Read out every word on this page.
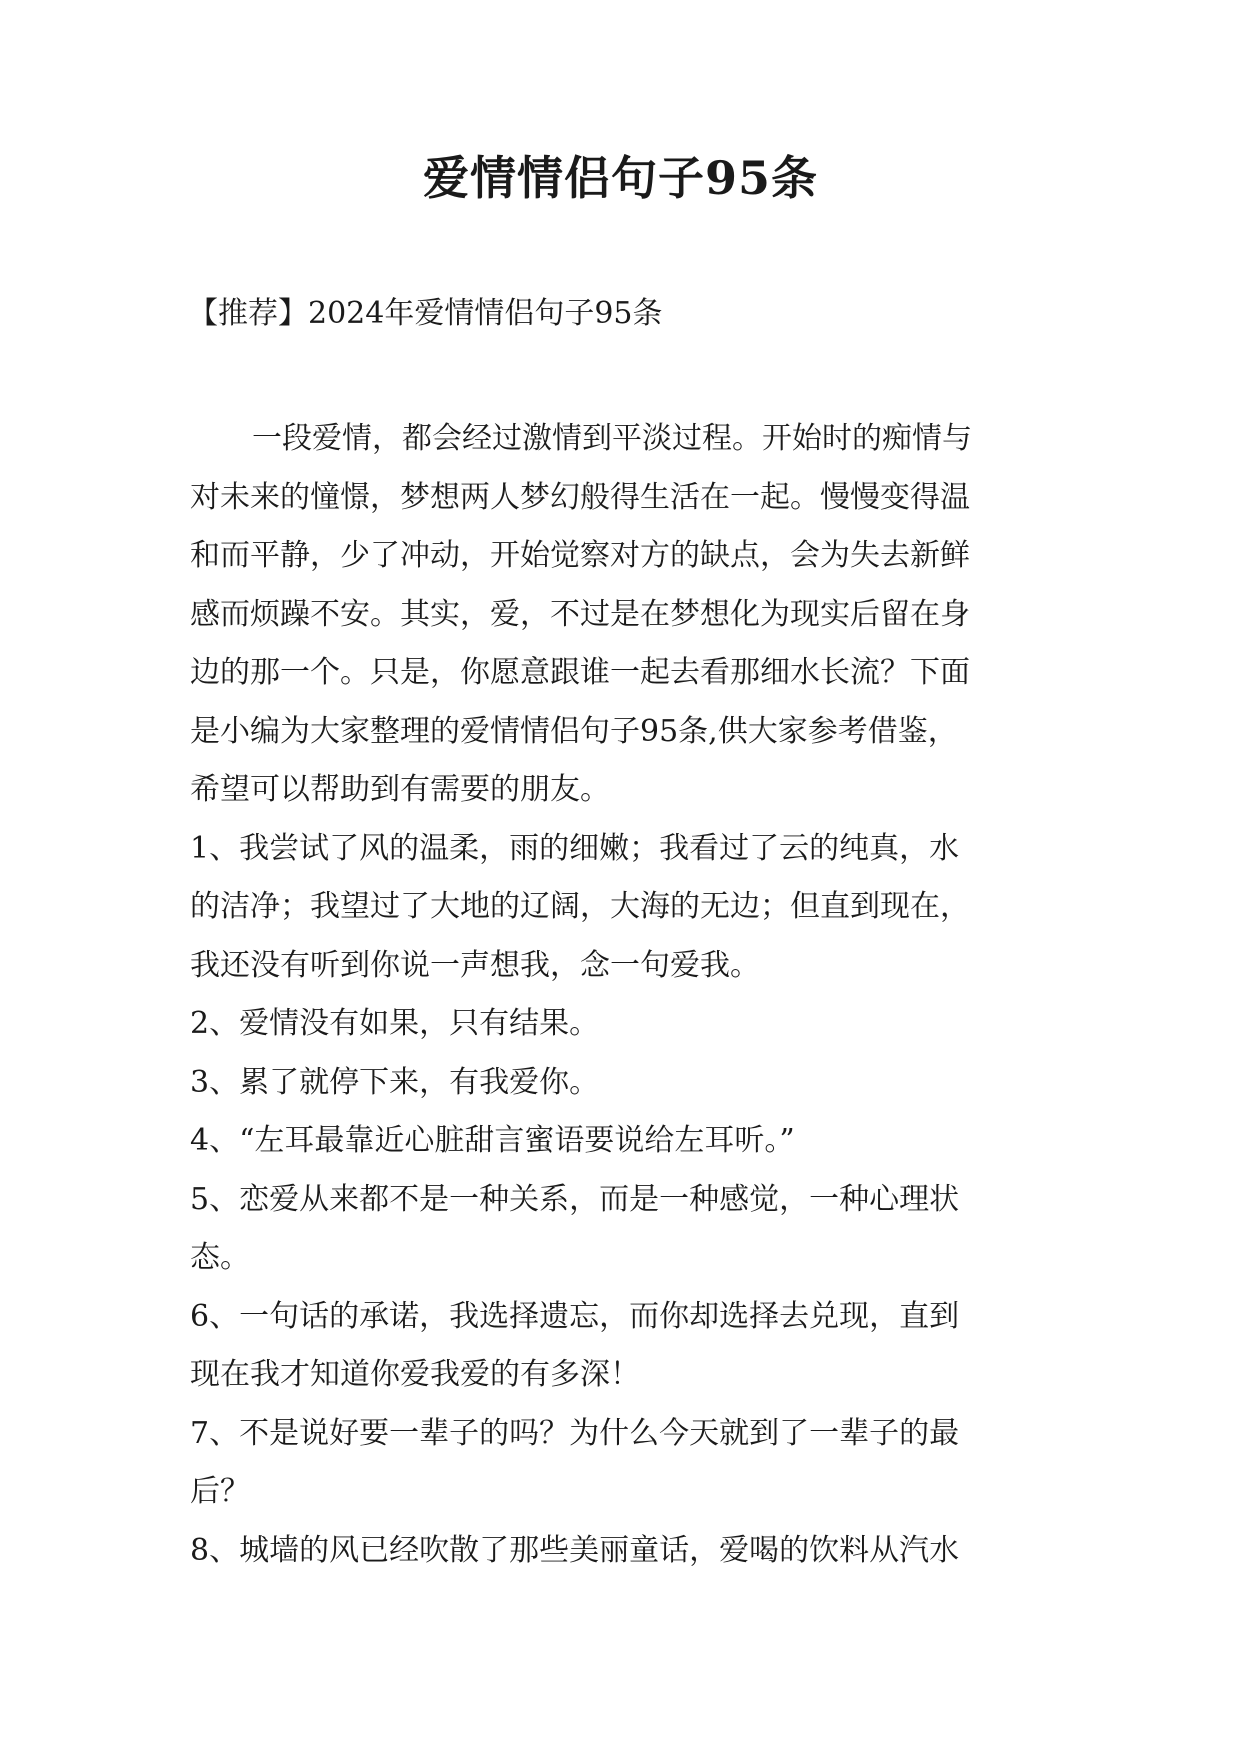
爱情情侣句子95条
【推荐】2024年爱情情侣句子95条
一段爱情，都会经过激情到平淡过程。开始时的痴情与
对未来的憧憬，梦想两人梦幻般得生活在一起。慢慢变得温
和而平静，少了冲动，开始觉察对方的缺点，会为失去新鲜
感而烦躁不安。其实，爱，不过是在梦想化为现实后留在身
边的那一个。只是，你愿意跟谁一起去看那细水长流？下面
是小编为大家整理的爱情情侣句子95条,供大家参考借鉴，
希望可以帮助到有需要的朋友。
1、我尝试了风的温柔，雨的细嫩；我看过了云的纯真，水
的洁净；我望过了大地的辽阔，大海的无边；但直到现在，
我还没有听到你说一声想我，念一句爱我。
2、爱情没有如果，只有结果。
3、累了就停下来，有我爱你。
4、“左耳最靠近心脏甜言蜜语要说给左耳听。”
5、恋爱从来都不是一种关系，而是一种感觉，一种心理状
态。
6、一句话的承诺，我选择遗忘，而你却选择去兑现，直到
现在我才知道你爱我爱的有多深！
7、不是说好要一辈子的吗？为什么今天就到了一辈子的最
后？
8、城墙的风已经吹散了那些美丽童话，爱喝的饮料从汽水
